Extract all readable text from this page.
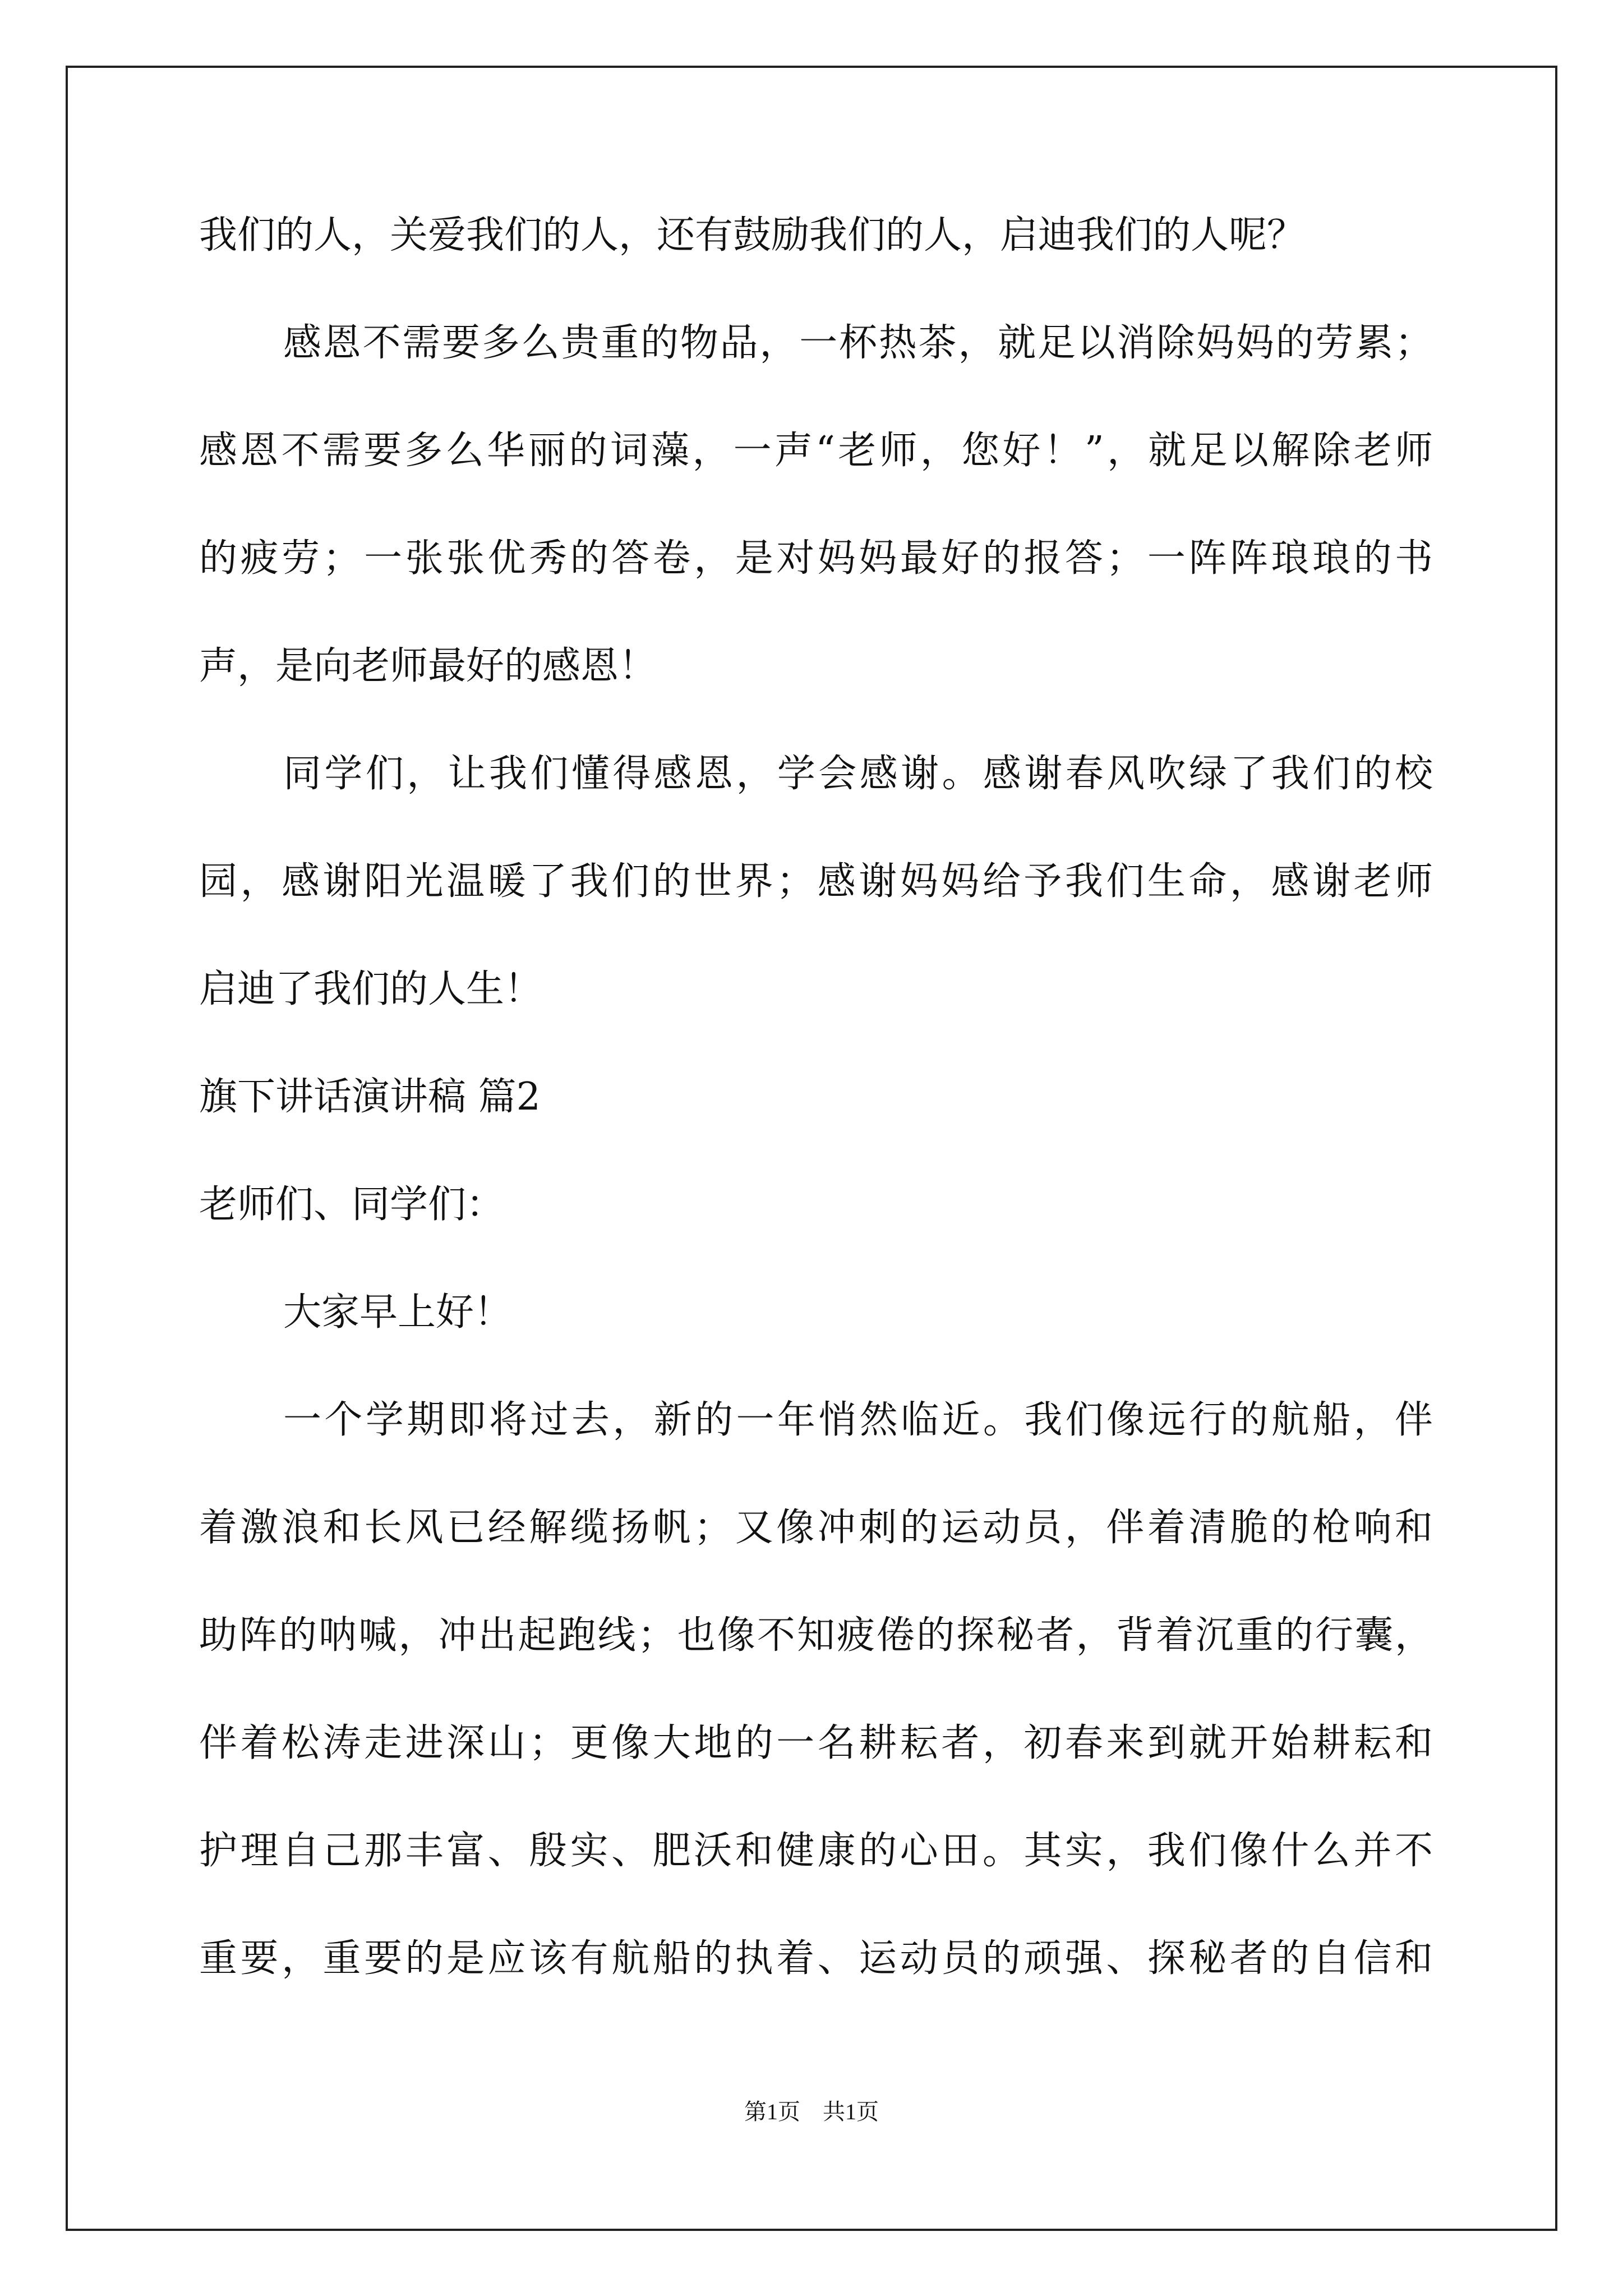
我们的人，关爱我们的人，还有鼓励我们的人，启迪我们的人呢？
感恩不需要多么贵重的物品，一杯热茶，就足以消除妈妈的劳累；
感恩不需要多么华丽的词藻，一声“老师，您好！”，就足以解除老师
的疲劳；一张张优秀的答卷，是对妈妈最好的报答；一阵阵琅琅的书
声，是向老师最好的感恩！
同学们，让我们懂得感恩，学会感谢。感谢春风吹绿了我们的校
园，感谢阳光温暖了我们的世界；感谢妈妈给予我们生命，感谢老师
启迪了我们的人生！
旗下讲话演讲稿 篇2
老师们、同学们：
大家早上好！
一个学期即将过去，新的一年悄然临近。我们像远行的航船，伴
着激浪和长风已经解缆扬帆；又像冲刺的运动员，伴着清脆的枪响和
助阵的呐喊，冲出起跑线；也像不知疲倦的探秘者，背着沉重的行囊，
伴着松涛走进深山；更像大地的一名耕耘者，初春来到就开始耕耘和
护理自己那丰富、殷实、肥沃和健康的心田。其实，我们像什么并不
重要，重要的是应该有航船的执着、运动员的顽强、探秘者的自信和
第1页　共1页
